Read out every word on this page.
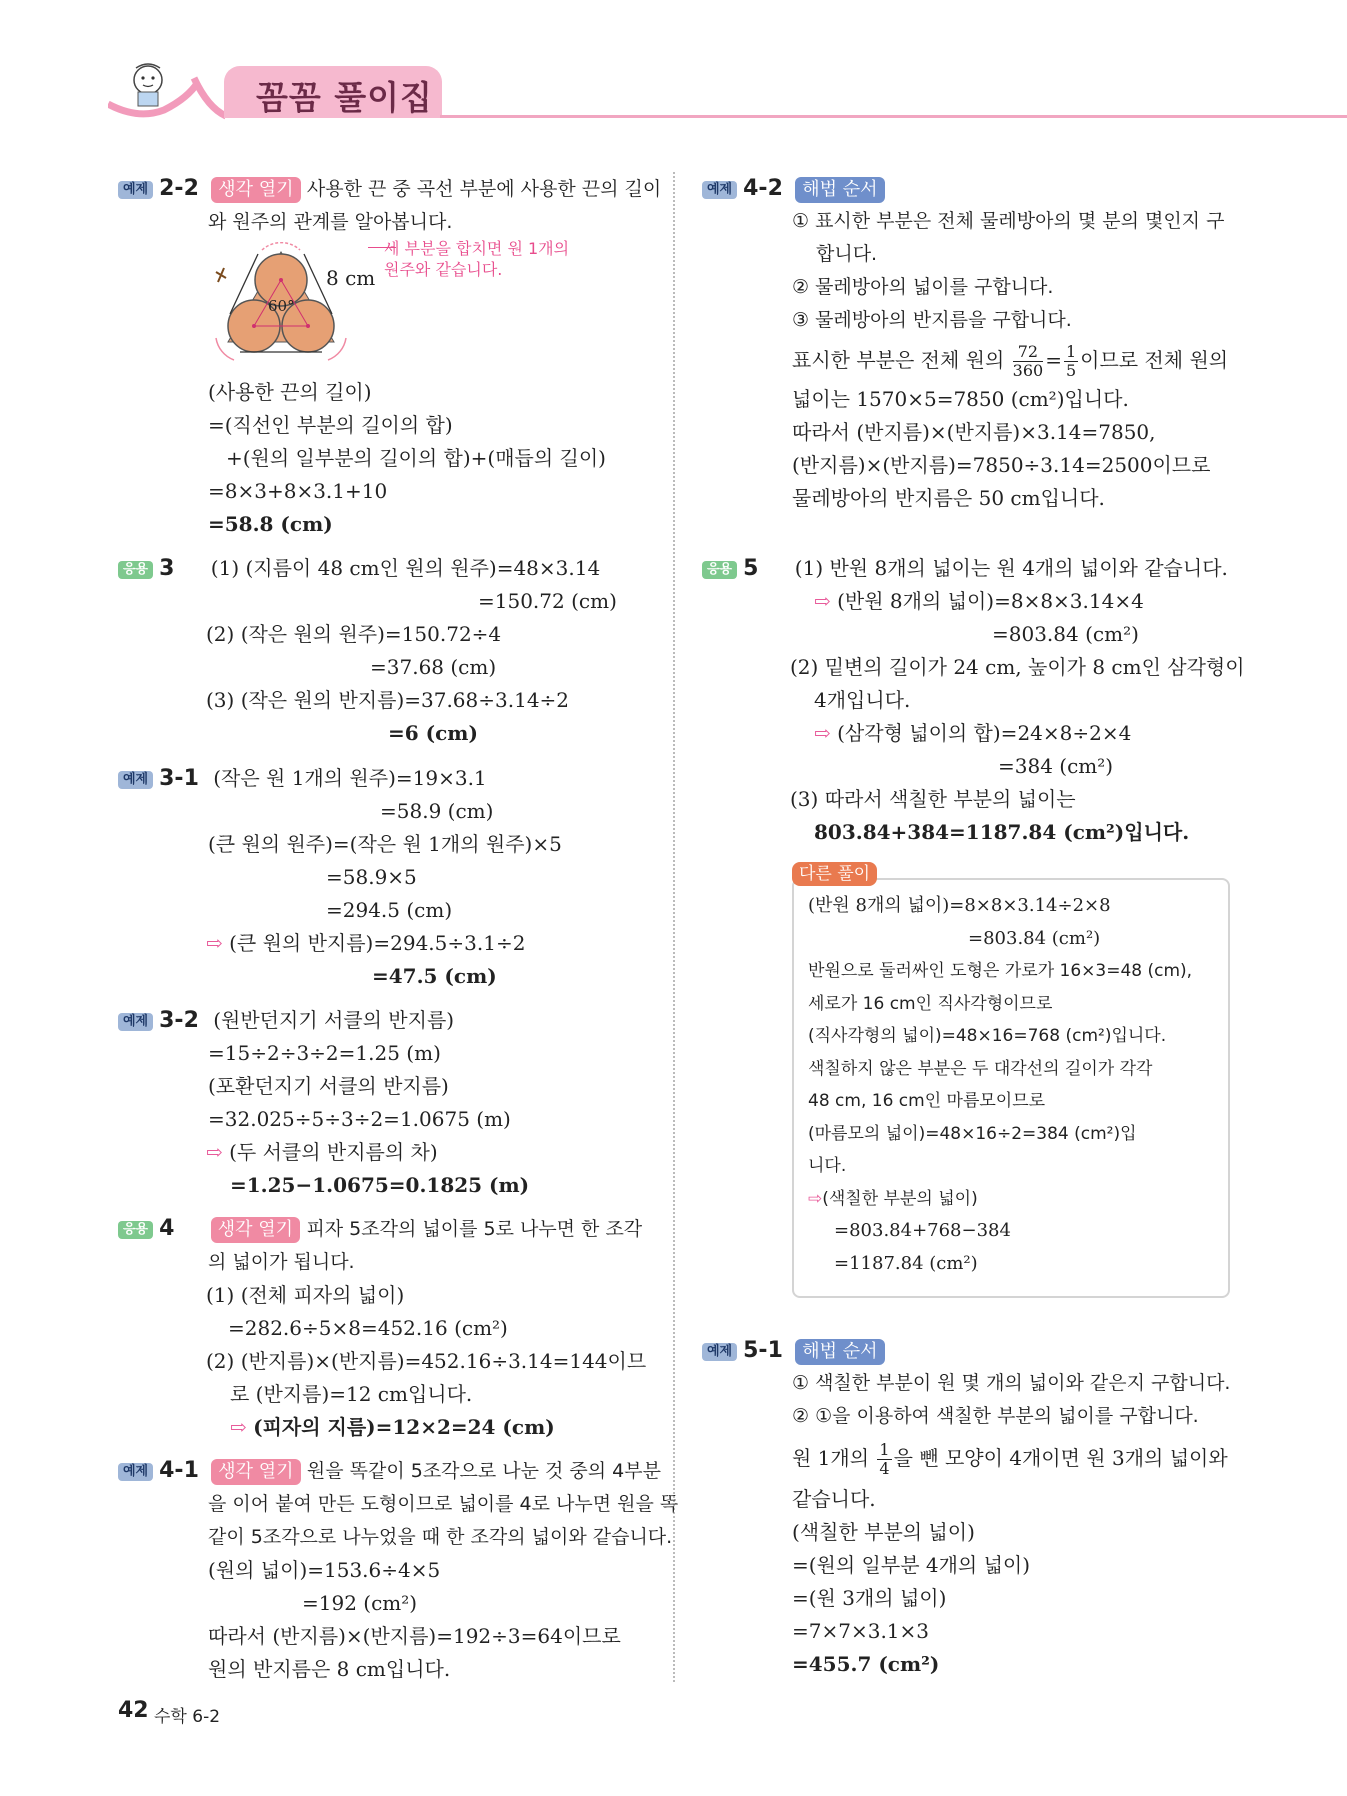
꼼꼼 풀이집
예제 2-2 생각 열기 사용한 끈 중 곡선 부분에 사용한 끈의 길이
와 원주의 관계를 알아봅니다.
8 cm
60°
세 부분을 합치면 원 1개의
원주와 같습니다.
(사용한 끈의 길이)
=(직선인 부분의 길이의 합)
+(원의 일부분의 길이의 합)+(매듭의 길이)
=8×3+8×3.1+10
=58.8 (cm)
응용 3 (1) (지름이 48 cm인 원의 원주)=48×3.14
=150.72 (cm)
(2) (작은 원의 원주)=150.72÷4
=37.68 (cm)
(3) (작은 원의 반지름)=37.68÷3.14÷2
=6 (cm)
예제 3-1 (작은 원 1개의 원주)=19×3.1
=58.9 (cm)
(큰 원의 원주)=(작은 원 1개의 원주)×5
=58.9×5
=294.5 (cm)
⇨ (큰 원의 반지름)=294.5÷3.1÷2
=47.5 (cm)
예제 3-2 (원반던지기 서클의 반지름)
=15÷2÷3÷2=1.25 (m)
(포환던지기 서클의 반지름)
=32.025÷5÷3÷2=1.0675 (m)
⇨ (두 서클의 반지름의 차)
=1.25−1.0675=0.1825 (m)
응용 4 생각 열기 피자 5조각의 넓이를 5로 나누면 한 조각
의 넓이가 됩니다.
(1) (전체 피자의 넓이)
=282.6÷5×8=452.16 (cm²)
(2) (반지름)×(반지름)=452.16÷3.14=144이므
로 (반지름)=12 cm입니다.
⇨ (피자의 지름)=12×2=24 (cm)
예제 4-1 생각 열기 원을 똑같이 5조각으로 나눈 것 중의 4부분
을 이어 붙여 만든 도형이므로 넓이를 4로 나누면 원을 똑
같이 5조각으로 나누었을 때 한 조각의 넓이와 같습니다.
(원의 넓이)=153.6÷4×5
=192 (cm²)
따라서 (반지름)×(반지름)=192÷3=64이므로
원의 반지름은 8 cm입니다.
예제 4-2 해법 순서
① 표시한 부분은 전체 물레방아의 몇 분의 몇인지 구
합니다.
② 물레방아의 넓이를 구합니다.
③ 물레방아의 반지름을 구합니다.
표시한 부분은 전체 원의 $\frac{72}{360} = \frac{1}{5}$ 이므로 전체 원의
넓이는 1570×5=7850 (cm²)입니다.
따라서 (반지름)×(반지름)×3.14=7850,
(반지름)×(반지름)=7850÷3.14=2500이므로
물레방아의 반지름은 50 cm입니다.
응용 5 (1) 반원 8개의 넓이는 원 4개의 넓이와 같습니다.
⇨ (반원 8개의 넓이)=8×8×3.14×4
=803.84 (cm²)
(2) 밑변의 길이가 24 cm, 높이가 8 cm인 삼각형이
4개입니다.
⇨ (삼각형 넓이의 합)=24×8÷2×4
=384 (cm²)
(3) 따라서 색칠한 부분의 넓이는
803.84+384=1187.84 (cm²)입니다.
다른 풀이
(반원 8개의 넓이)=8×8×3.14÷2×8
=803.84 (cm²)
반원으로 둘러싸인 도형은 가로가 16×3=48 (cm),
세로가 16 cm인 직사각형이므로
(직사각형의 넓이)=48×16=768 (cm²)입니다.
색칠하지 않은 부분은 두 대각선의 길이가 각각
48 cm, 16 cm인 마름모이므로
(마름모의 넓이)=48×16÷2=384 (cm²)입
니다.
⇨(색칠한 부분의 넓이)
=803.84+768−384
=1187.84 (cm²)
예제 5-1 해법 순서
① 색칠한 부분이 원 몇 개의 넓이와 같은지 구합니다.
② ①을 이용하여 색칠한 부분의 넓이를 구합니다.
원 1개의 $\frac{1}{4}$ 을 뺀 모양이 4개이면 원 3개의 넓이와
같습니다.
(색칠한 부분의 넓이)
=(원의 일부분 4개의 넓이)
=(원 3개의 넓이)
=7×7×3.1×3
=455.7 (cm²)
42 수학 6-2
